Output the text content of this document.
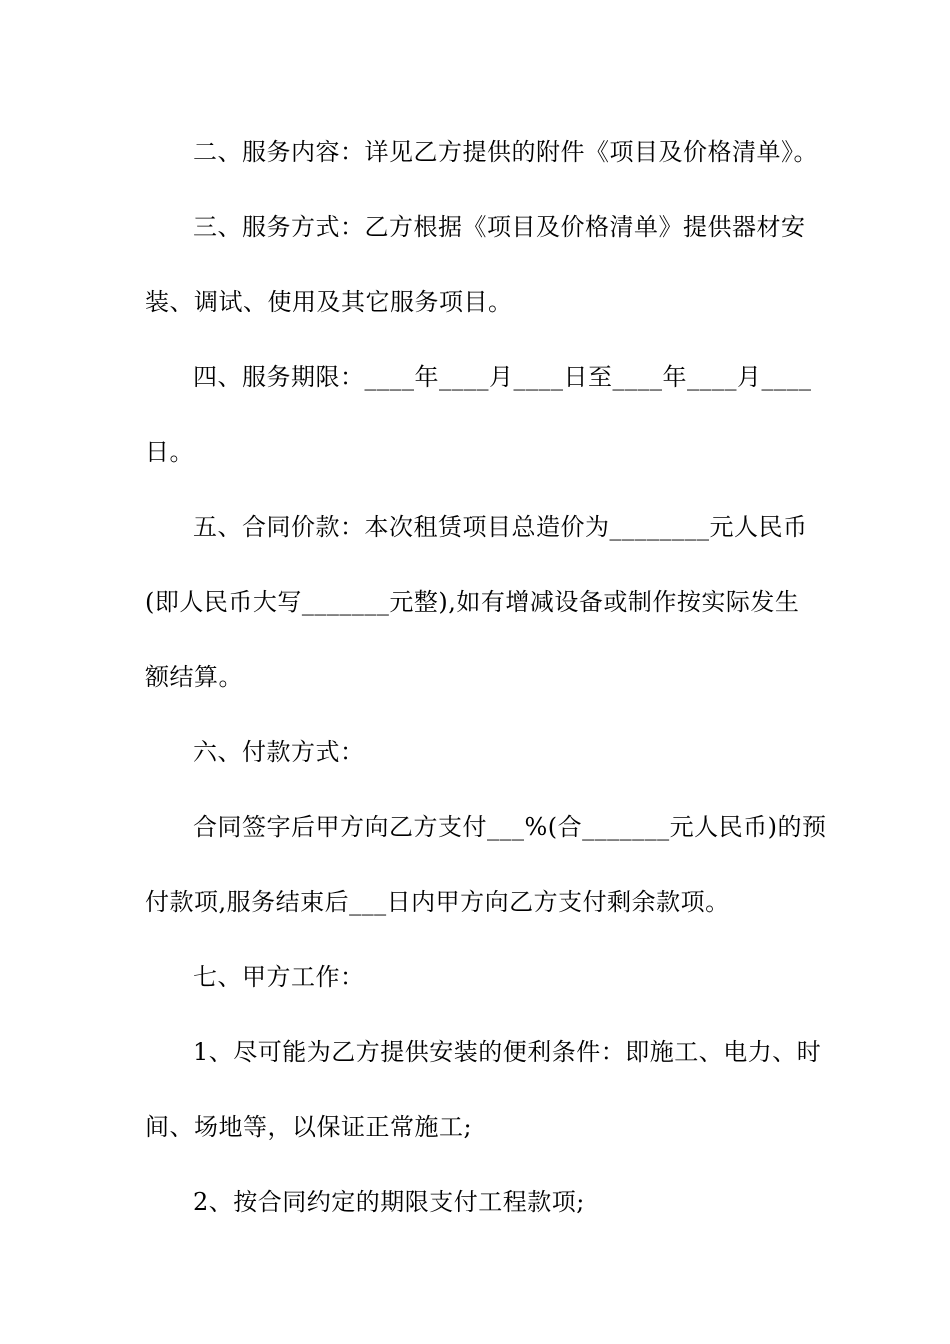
二、服务内容：详见乙方提供的附件《项目及价格清单》。
三、服务方式：乙方根据《项目及价格清单》提供器材安
装、调试、使用及其它服务项目。
四、服务期限：____年____月____日至____年____月____
日。
五、合同价款：本次租赁项目总造价为________元人民币
(即人民币大写_______元整),如有增减设备或制作按实际发生
额结算。
六、付款方式：
合同签字后甲方向乙方支付___%(合_______元人民币)的预
付款项,服务结束后___日内甲方向乙方支付剩余款项。
七、甲方工作：
1、尽可能为乙方提供安装的便利条件：即施工、电力、时
间、场地等，以保证正常施工;
2、按合同约定的期限支付工程款项;
